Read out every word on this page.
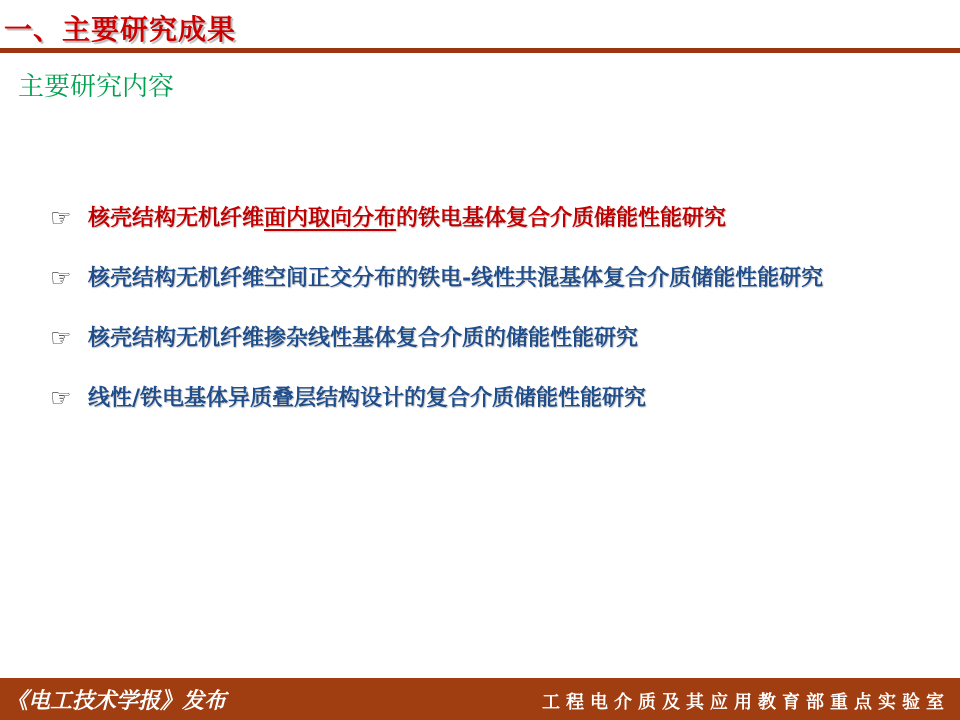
一、主要研究成果
主要研究内容
☞ 核壳结构无机纤维面内取向分布的铁电基体复合介质储能性能研究
☞ 核壳结构无机纤维空间正交分布的铁电-线性共混基体复合介质储能性能研究
☞ 核壳结构无机纤维掺杂线性基体复合介质的储能性能研究
☞ 线性/铁电基体异质叠层结构设计的复合介质储能性能研究
《电工技术学报》发布	工程电介质及其应用教育部重点实验室
